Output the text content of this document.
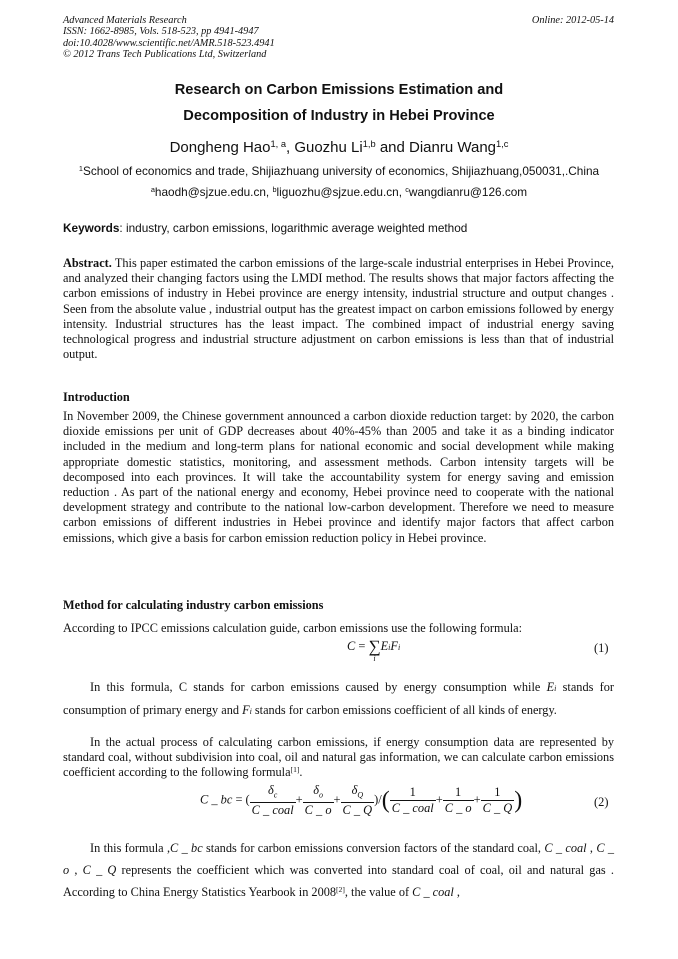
Advanced Materials Research
ISSN: 1662-8985, Vols. 518-523, pp 4941-4947
doi:10.4028/www.scientific.net/AMR.518-523.4941
© 2012 Trans Tech Publications Ltd, Switzerland
Online: 2012-05-14
Research on Carbon Emissions Estimation and
Decomposition of Industry in Hebei Province
Dongheng Hao$^{1, a}$, Guozhu Li$^{1,b}$ and Dianru Wang$^{1,c}$
$^1$School of economics and trade, Shijiazhuang university of economics, Shijiazhuang,050031,.China
$^a$haodh@sjzue.edu.cn, $^b$liguozhu@sjzue.edu.cn, $^c$wangdianru@126.com
Keywords: industry, carbon emissions, logarithmic average weighted method

Abstract. This paper estimated the carbon emissions of the large-scale industrial enterprises in Hebei Province, and analyzed their changing factors using the LMDI method. The results shows that major factors affecting the carbon emissions of industry in Hebei province are energy intensity, industrial structure and output changes . Seen from the absolute value , industrial output has the greatest impact on carbon emissions followed by energy intensity. Industrial structures has the least impact. The combined impact of industrial energy saving technological progress and industrial structure adjustment on carbon emissions is less than that of industrial output.

Introduction

In November 2009, the Chinese government announced a carbon dioxide reduction target: by 2020, the carbon dioxide emissions per unit of GDP decreases about 40%-45% than 2005 and take it as a binding indicator included in the medium and long-term plans for national economic and social development while making appropriate domestic statistics, monitoring, and assessment methods. Carbon intensity targets will be decomposed into each provinces. It will take the accountability system for energy saving and emission reduction . As part of the national energy and economy, Hebei province need to cooperate with the national development strategy and contribute to the national low-carbon development. Therefore we need to measure carbon emissions of different industries in Hebei province and identify major factors that affect carbon emissions, which give a basis for carbon emission reduction policy in Hebei province.

Method for calculating industry carbon emissions

According to IPCC emissions calculation guide, carbon emissions use the following formula:

C = ∑
i
EiFi	(1)

In this formula, C stands for carbon emissions caused by energy consumption while Ei stands for consumption of primary energy and Fi stands for carbon emissions coefficient of all kinds of energy.

In the actual process of calculating carbon emissions, if energy consumption data are represented by standard coal, without subdivision into coal, oil and natural gas information, we can calculate carbon emissions coefficient according to the following formula[1].

C _ bc = ( $\frac{\delta_c}{\text{C \_ coal}} + \frac{\delta_o}{C \_ o} + \frac{\delta_Q}{C \_ Q}$ )/( $\frac{1}{\text{C \_ coal}} + \frac{1}{C \_ o} + \frac{1}{C \_ Q}$ )	(2)

In this formula ,C _ bc stands for carbon emissions conversion factors of the standard coal, C _ coal , C _ o , C _ Q represents the coefficient which was converted into standard coal of coal, oil and natural gas . According to China Energy Statistics Yearbook in 2008[2], the value of C _ coal ,
